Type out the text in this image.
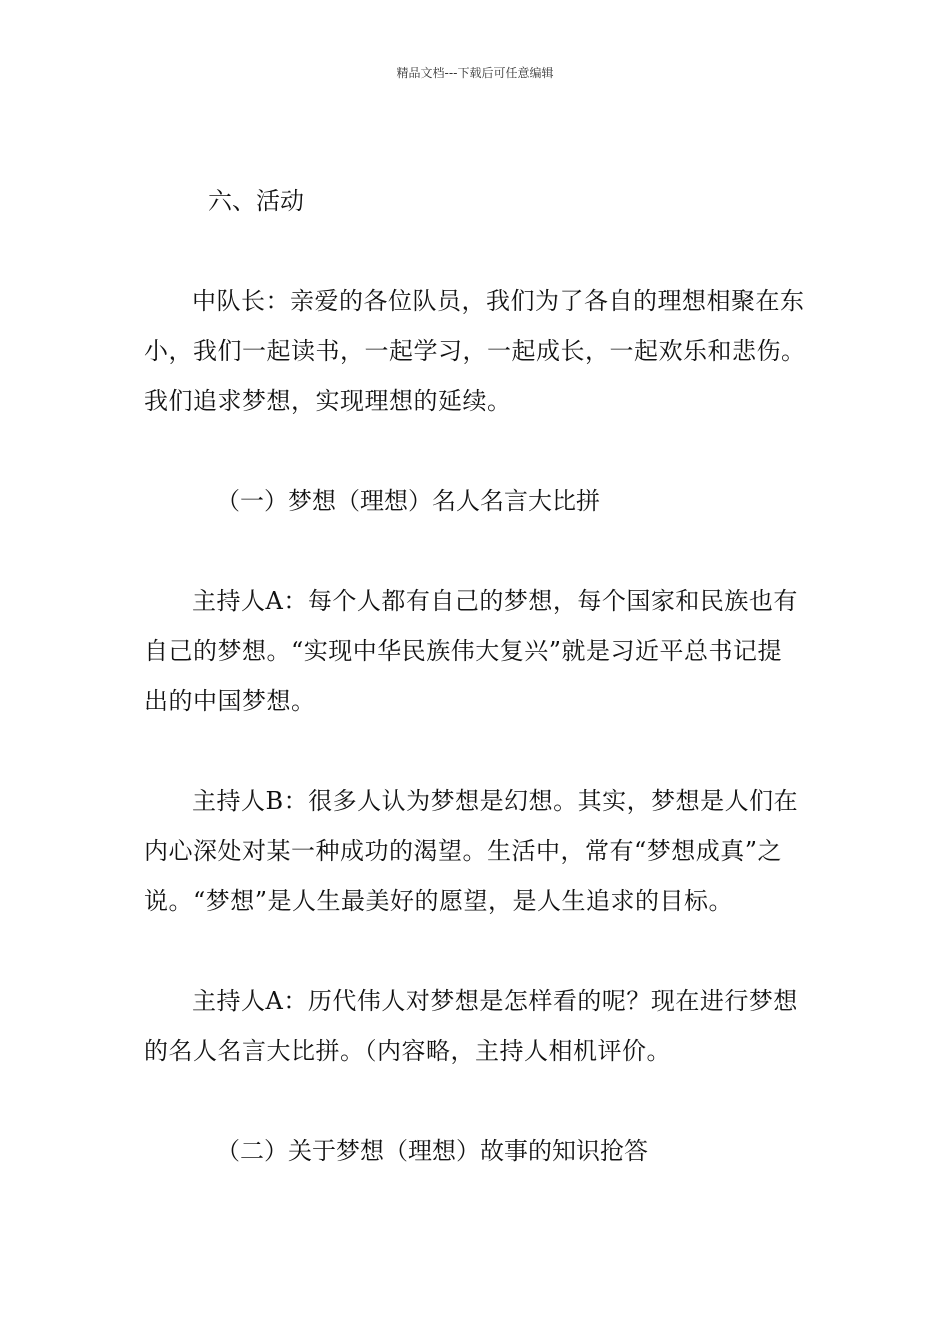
精品文档---下载后可任意编辑

六、活动

中队长：亲爱的各位队员，我们为了各自的理想相聚在东小，我们一起读书，一起学习，一起成长，一起欢乐和悲伤。我们追求梦想，实现理想的延续。

（一）梦想（理想）名人名言大比拼

主持人A：每个人都有自己的梦想，每个国家和民族也有自己的梦想。“实现中华民族伟大复兴”就是习近平总书记提出的中国梦想。

主持人B：很多人认为梦想是幻想。其实，梦想是人们在内心深处对某一种成功的渴望。生活中，常有“梦想成真”之说。“梦想”是人生最美好的愿望，是人生追求的目标。

主持人A：历代伟人对梦想是怎样看的呢？现在进行梦想的名人名言大比拼。（内容略，主持人相机评价。

（二）关于梦想（理想）故事的知识抢答
